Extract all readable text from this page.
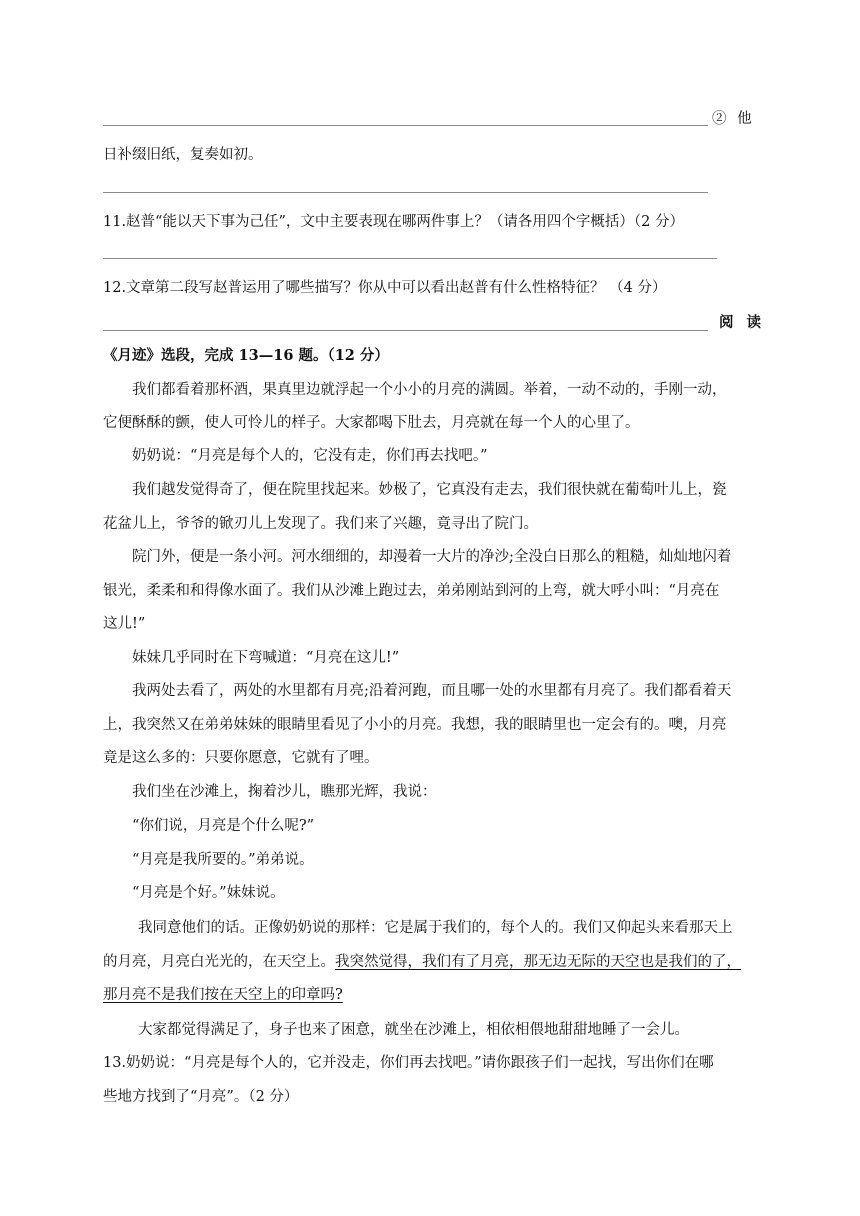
② 他
日补缀旧纸，复奏如初。
11.赵普“能以天下事为己任”，文中主要表现在哪两件事上？（请各用四个字概括）（2 分）
12.文章第二段写赵普运用了哪些描写？你从中可以看出赵普有什么性格特征？ （4 分）
阅 读
《月迹》选段，完成 13—16 题。（12 分）
我们都看着那杯酒，果真里边就浮起一个小小的月亮的满圆。举着，一动不动的，手刚一动，
它便酥酥的颤，使人可怜儿的样子。大家都喝下肚去，月亮就在每一个人的心里了。
奶奶说：“月亮是每个人的，它没有走，你们再去找吧。”
我们越发觉得奇了，便在院里找起来。妙极了，它真没有走去，我们很快就在葡萄叶儿上，瓷
花盆儿上，爷爷的锨刃儿上发现了。我们来了兴趣，竟寻出了院门。
院门外，便是一条小河。河水细细的，却漫着一大片的净沙;全没白日那么的粗糙，灿灿地闪着
银光，柔柔和和得像水面了。我们从沙滩上跑过去，弟弟刚站到河的上弯，就大呼小叫：“月亮在
这儿!”
妹妹几乎同时在下弯喊道：“月亮在这儿!”
我两处去看了，两处的水里都有月亮;沿着河跑，而且哪一处的水里都有月亮了。我们都看着天
上，我突然又在弟弟妹妹的眼睛里看见了小小的月亮。我想，我的眼睛里也一定会有的。噢，月亮
竟是这么多的：只要你愿意，它就有了哩。
我们坐在沙滩上，掬着沙儿，瞧那光辉，我说：
“你们说，月亮是个什么呢?”
“月亮是我所要的。”弟弟说。
“月亮是个好。”妹妹说。
我同意他们的话。正像奶奶说的那样：它是属于我们的，每个人的。我们又仰起头来看那天上
的月亮，月亮白光光的，在天空上。我突然觉得，我们有了月亮，那无边无际的天空也是我们的了，
那月亮不是我们按在天空上的印章吗?
大家都觉得满足了，身子也来了困意，就坐在沙滩上，相依相偎地甜甜地睡了一会儿。
13.奶奶说：“月亮是每个人的，它并没走，你们再去找吧。”请你跟孩子们一起找，写出你们在哪
些地方找到了“月亮”。（2 分）
